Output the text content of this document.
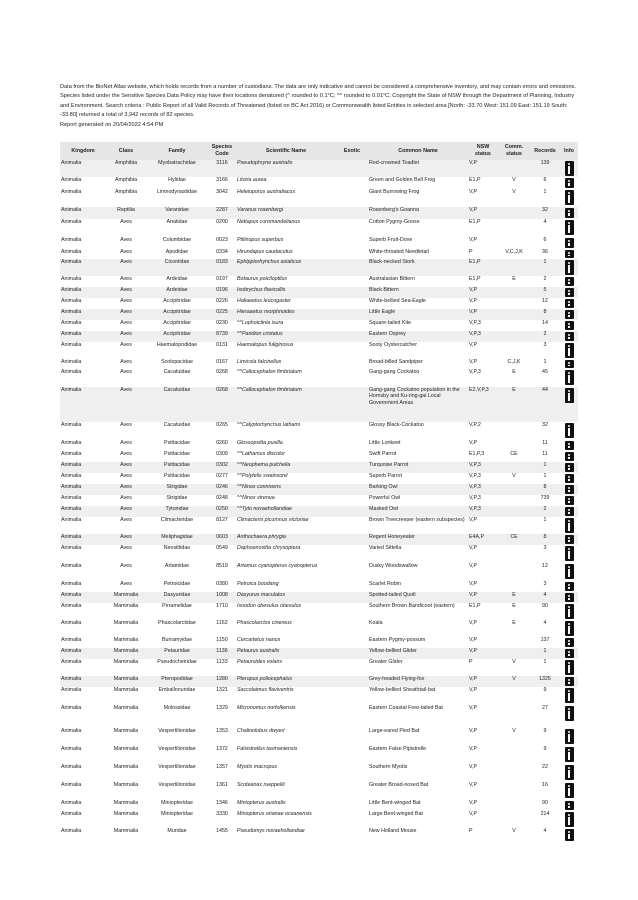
Data from the BioNet Atlas website, which holds records from a number of custodians. The data are only indicative and cannot be considered a comprehensive inventory, and may contain errors and omissions. Species listed under the Sensitive Species Data Policy may have their locations denatured (^ rounded to 0.1°C; ^^ rounded to 0.01°C. Copyright the State of NSW through the Department of Planning, Industry and Environment. Search criteria : Public Report of all Valid Records of Threatened (listed on BC Act 2016) or Commonwealth listed Entities in selected area [North: -33.70 West: 151.09 East: 151.19 South: -33.80] returned a total of 3,942 records of 82 species.

Report generated on 20/04/2022 4:54 PM

Kingdom	Class	Family	Species Code	Scientific Name	Exotic	Common Name	NSW status	Comm. status	Records	Info
Animalia	Amphibia	Myobatrachidae	3116	Pseudophryne australis		Red-crowned Toadlet	V,P		139	
Animalia	Amphibia	Hylidae	3166	Litoria aurea		Green and Golden Bell Frog	E1,P	V	6	
Animalia	Amphibia	Limnodynastidae	3042	Heleioporus australiacus		Giant Burrowing Frog	V,P	V	1	
Animalia	Reptilia	Varanidae	2287	Varanus rosenbergi		Rosenberg's Goanna	V,P		32	
Animalia	Aves	Anatidae	0200	Nettapus coromandelianus		Cotton Pygmy-Goose	E1,P		4	
Animalia	Aves	Columbidae	0023	Ptilinopus superbus		Superb Fruit-Dove	V,P		6	
Animalia	Aves	Apodidae	0334	Hirundapus caudacutus		White-throated Needletail	P	V,C,J,K	36	
Animalia	Aves	Ciconiidae	0183	Ephippiorhynchus asiaticus		Black-necked Stork	E1,P		1	
Animalia	Aves	Ardeidae	0197	Botaurus poiciloptilus		Australasian Bittern	E1,P	E	2	
Animalia	Aves	Ardeidae	0196	Ixobrychus flavicollis		Black Bittern	V,P		5	
Animalia	Aves	Accipitridae	0226	Haliaeetus leucogaster		White-bellied Sea-Eagle	V,P		12	
Animalia	Aves	Accipitridae	0225	Hieraaetus morphnoides		Little Eagle	V,P		8	
Animalia	Aves	Accipitridae	0230	^^Lophoictinia isura		Square-tailed Kite	V,P,3		14	
Animalia	Aves	Accipitridae	8739	^^Pandion cristatus		Eastern Osprey	V,P,3		2	
Animalia	Aves	Haematopodidae	0131	Haematopus fuliginosus		Sooty Oystercatcher	V,P		3	
Animalia	Aves	Scolopacidae	0167	Limicola falcinellus		Broad-billed Sandpiper	V,P	C,J,K	1	
Animalia	Aves	Cacatuidae	0268	^^Callocephalon fimbriatum		Gang-gang Cockatoo	V,P,3	E	45	
Animalia	Aves	Cacatuidae	0268	^^Callocephalon fimbriatum		Gang-gang Cockatoo population in the Hornsby and Ku-ring-gai Local Government Areas	E2,V,P,3	E	44	
Animalia	Aves	Cacatuidae	0265	^^Calyptorhynchus lathami		Glossy Black-Cockatoo	V,P,2		32	
Animalia	Aves	Psittacidae	0260	Glossopsitta pusilla		Little Lorikeet	V,P		11	
Animalia	Aves	Psittacidae	0309	^^Lathamus discolor		Swift Parrot	E1,P,3	CE	11	
Animalia	Aves	Psittacidae	0302	^^Neophema pulchella		Turquoise Parrot	V,P,3		1	
Animalia	Aves	Psittacidae	0277	^^Polytelis swainsonii		Superb Parrot	V,P,3	V	1	
Animalia	Aves	Strigidae	0246	^^Ninox connivens		Barking Owl	V,P,3		8	
Animalia	Aves	Strigidae	0248	^^Ninox strenua		Powerful Owl	V,P,3		739	
Animalia	Aves	Tytonidae	0250	^^Tyto novaehollandiae		Masked Owl	V,P,3		2	
Animalia	Aves	Climacteridae	8127	Climacteris picumnus victoriae		Brown Treecreeper (eastern subspecies)	V,P		1	
Animalia	Aves	Meliphagidae	0603	Anthochaera phrygia		Regent Honeyeater	E4A,P	CE	8	
Animalia	Aves	Neosittidae	0549	Daphoenositta chrysoptera		Varied Sittella	V,P		3	
Animalia	Aves	Artamidae	8519	Artamus cyanopterus cyanopterus		Dusky Woodswallow	V,P		12	
Animalia	Aves	Petroicidae	0380	Petroica boodang		Scarlet Robin	V,P		3	
Animalia	Mammalia	Dasyuridae	1008	Dasyurus maculatus		Spotted-tailed Quoll	V,P	E	4	
Animalia	Mammalia	Peramelidae	1710	Isoodon obesulus obesulus		Southern Brown Bandicoot (eastern)	E1,P	E	90	
Animalia	Mammalia	Phascolarctidae	1162	Phascolarctos cinereus		Koala	V,P	E	4	
Animalia	Mammalia	Burramyidae	1150	Cercartetus nanus		Eastern Pygmy-possum	V,P		137	
Animalia	Mammalia	Petauridae	1136	Petaurus australis		Yellow-bellied Glider	V,P		1	
Animalia	Mammalia	Pseudocheiridae	1133	Petauroides volans		Greater Glider	P	V	1	
Animalia	Mammalia	Pteropodidae	1280	Pteropus poliocephalus		Grey-headed Flying-fox	V,P	V	1325	
Animalia	Mammalia	Emballonuridae	1321	Saccolaimus flaviventris		Yellow-bellied Sheathtail-bat	V,P		9	
Animalia	Mammalia	Molossidae	1329	Micronomus norfolkensis		Eastern Coastal Free-tailed Bat	V,P		27	
Animalia	Mammalia	Vespertilionidae	1353	Chalinolobus dwyeri		Large-eared Pied Bat	V,P	V	9	
Animalia	Mammalia	Vespertilionidae	1372	Falsistrellus tasmaniensis		Eastern False Pipistrelle	V,P		9	
Animalia	Mammalia	Vespertilionidae	1357	Myotis macropus		Southern Myotis	V,P		22	
Animalia	Mammalia	Vespertilionidae	1361	Scoteanax rueppellii		Greater Broad-nosed Bat	V,P		16	
Animalia	Mammalia	Miniopteridae	1346	Miniopterus australis		Little Bent-winged Bat	V,P		90	
Animalia	Mammalia	Miniopteridae	3330	Miniopterus orianae oceanensis		Large Bent-winged Bat	V,P		214	
Animalia	Mammalia	Muridae	1455	Pseudomys novaehollandiae		New Holland Mouse	P	V	4	
